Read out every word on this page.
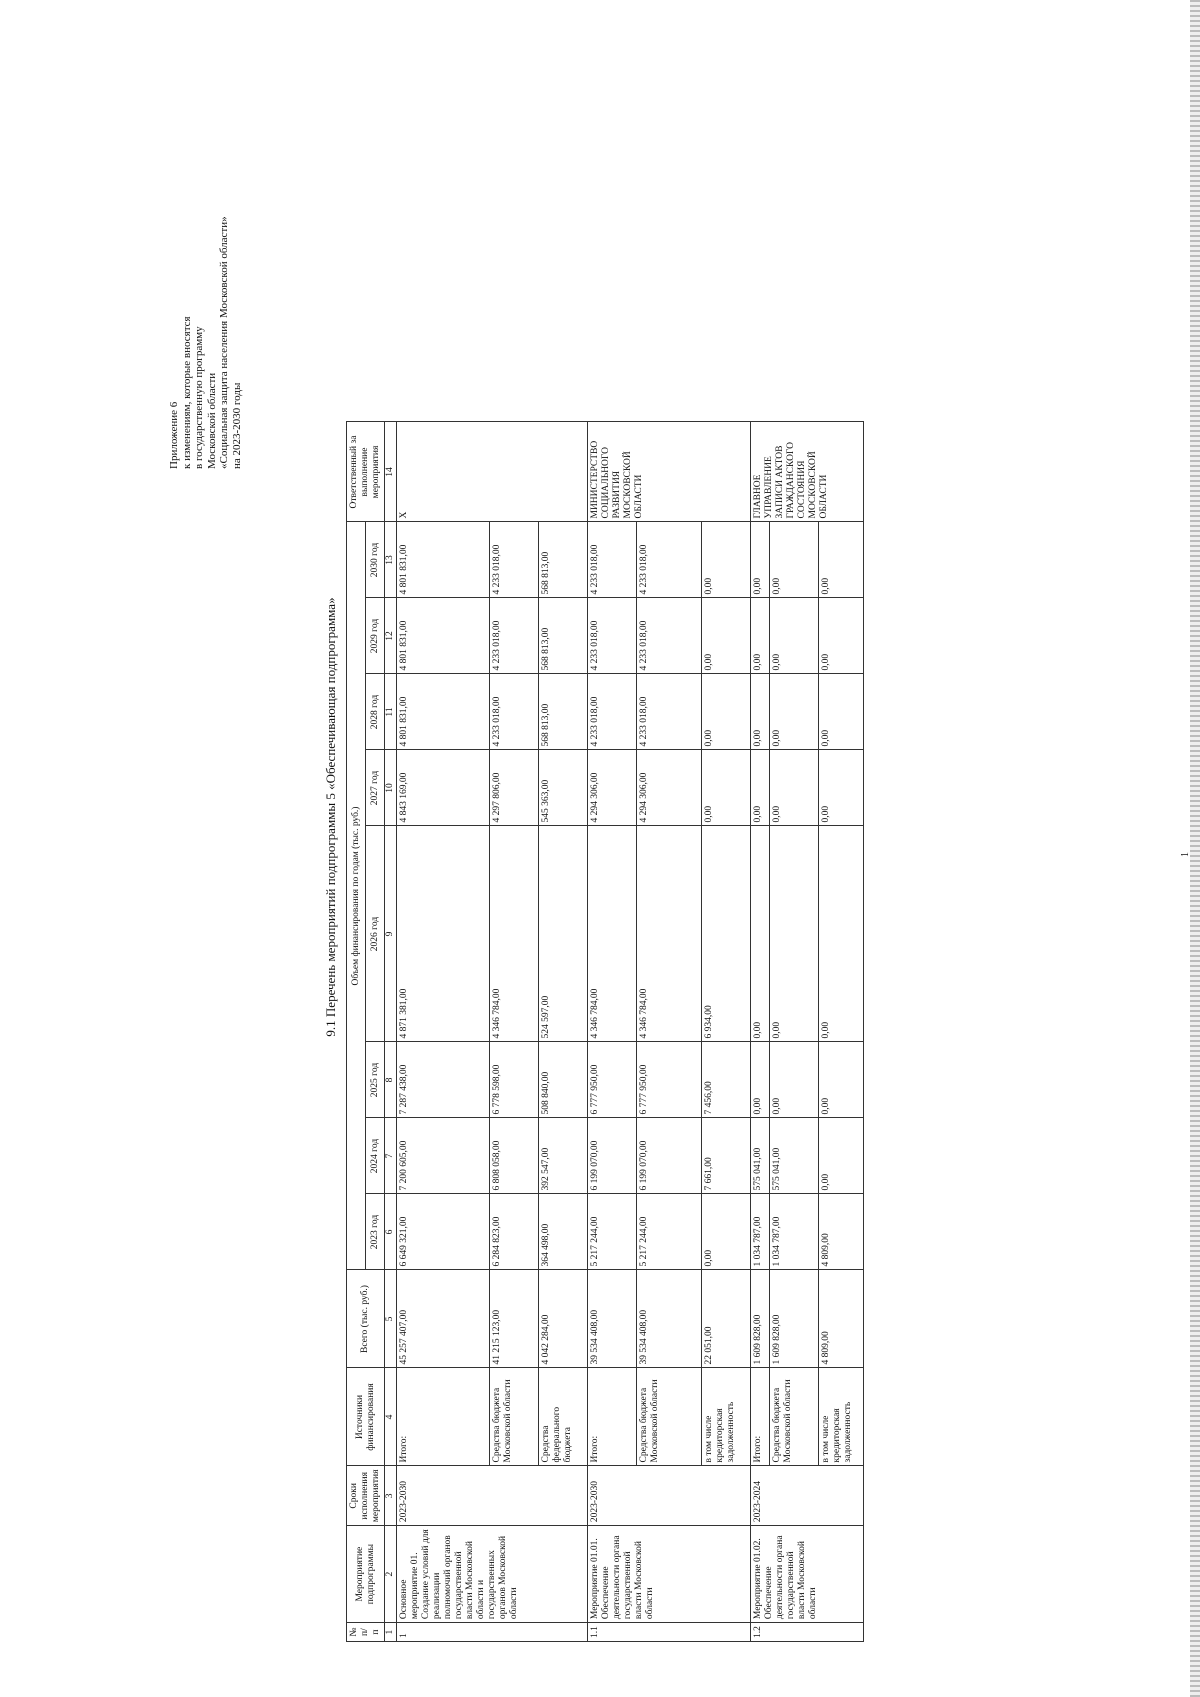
Приложение 6 к изменениям, которые вносятся в государственную программу Московской области «Социальная защита населения Московской области» на 2023-2030 годы
9.1 Перечень мероприятий подпрограммы 5 «Обеспечивающая подпрограмма»	1
№ п/п	Мероприятие подпрограммы	Сроки исполнения мероприятия	Источники финансирования	Всего (тыс. руб.)	Объем финансирования по годам (тыс. руб.)								Ответственный за выполнение мероприятия
					2023 год	2024 год	2025 год	2026 год	2027 год	2028 год	2029 год	2030 год	
1	2	3	4	5	6	7	8	9	10	11	12	13	14
1	Основное мероприятие 01. Создание условий для реализации полномочий органов государственной власти Московской области и государственных органов Московской области	2023-2030	Итого:	45 257 407,00	6 649 321,00	7 200 605,00	7 287 438,00	4 871 381,00	4 843 169,00	4 801 831,00	4 801 831,00	4 801 831,00	Х
			Средства бюджета Московской области	41 215 123,00	6 284 823,00	6 808 058,00	6 778 598,00	4 346 784,00	4 297 806,00	4 233 018,00	4 233 018,00	4 233 018,00	
			Средства федерального бюджета	4 042 284,00	364 498,00	392 547,00	508 840,00	524 597,00	545 363,00	568 813,00	568 813,00	568 813,00	
1.1	Мероприятие 01.01. Обеспечение деятельности органа государственной власти Московской области	2023-2030	Итого:	39 534 408,00	5 217 244,00	6 199 070,00	6 777 950,00	4 346 784,00	4 294 306,00	4 233 018,00	4 233 018,00	4 233 018,00	МИНИСТЕРСТВО СОЦИАЛЬНОГО РАЗВИТИЯ МОСКОВСКОЙ ОБЛАСТИ
			Средства бюджета Московской области	39 534 408,00	5 217 244,00	6 199 070,00	6 777 950,00	4 346 784,00	4 294 306,00	4 233 018,00	4 233 018,00	4 233 018,00	
			в том числе кредиторская задолженность	22 051,00	0,00	7 661,00	7 456,00	6 934,00	0,00	0,00	0,00	0,00	
1.2	Мероприятие 01.02. Обеспечение деятельности органа государственной власти Московской области	2023-2024	Итого:	1 609 828,00	1 034 787,00	575 041,00	0,00	0,00	0,00	0,00	0,00	0,00	ГЛАВНОЕ УПРАВЛЕНИЕ ЗАПИСИ АКТОВ ГРАЖДАНСКОГО СОСТОЯНИЯ МОСКОВСКОЙ ОБЛАСТИ
			Средства бюджета Московской области	1 609 828,00	1 034 787,00	575 041,00	0,00	0,00	0,00	0,00	0,00	0,00	
			в том числе кредиторская задолженность	4 809,00	4 809,00	0,00	0,00	0,00	0,00	0,00	0,00	0,00	
